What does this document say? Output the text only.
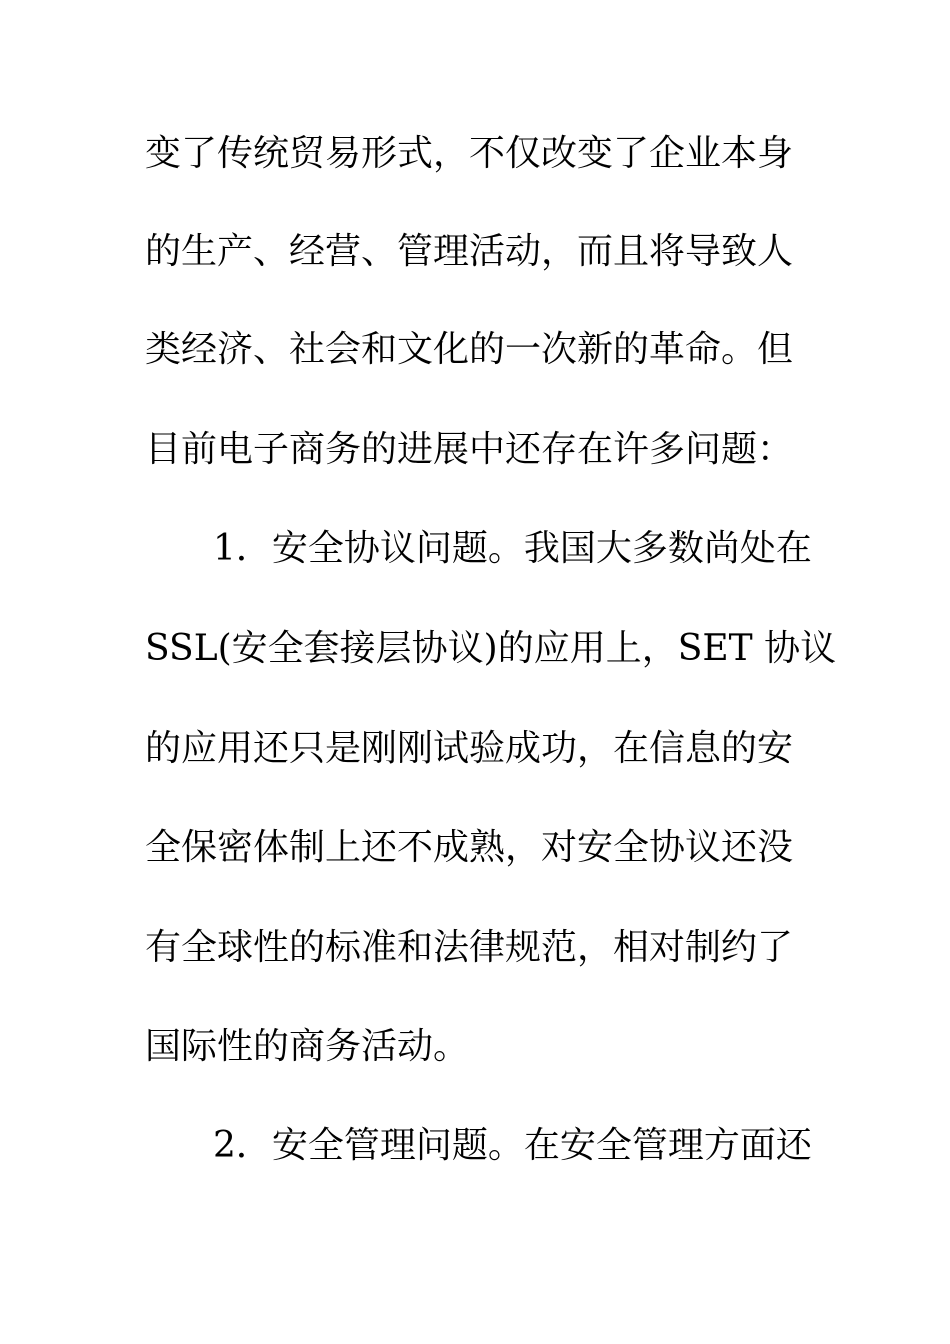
变了传统贸易形式，不仅改变了企业本身
的生产、经营、管理活动，而且将导致人
类经济、社会和文化的一次新的革命。但
目前电子商务的进展中还存在许多问题：
1．安全协议问题。我国大多数尚处在
SSL(安全套接层协议)的应用上，SET 协议
的应用还只是刚刚试验成功，在信息的安
全保密体制上还不成熟，对安全协议还没
有全球性的标准和法律规范，相对制约了
国际性的商务活动。
2．安全管理问题。在安全管理方面还
